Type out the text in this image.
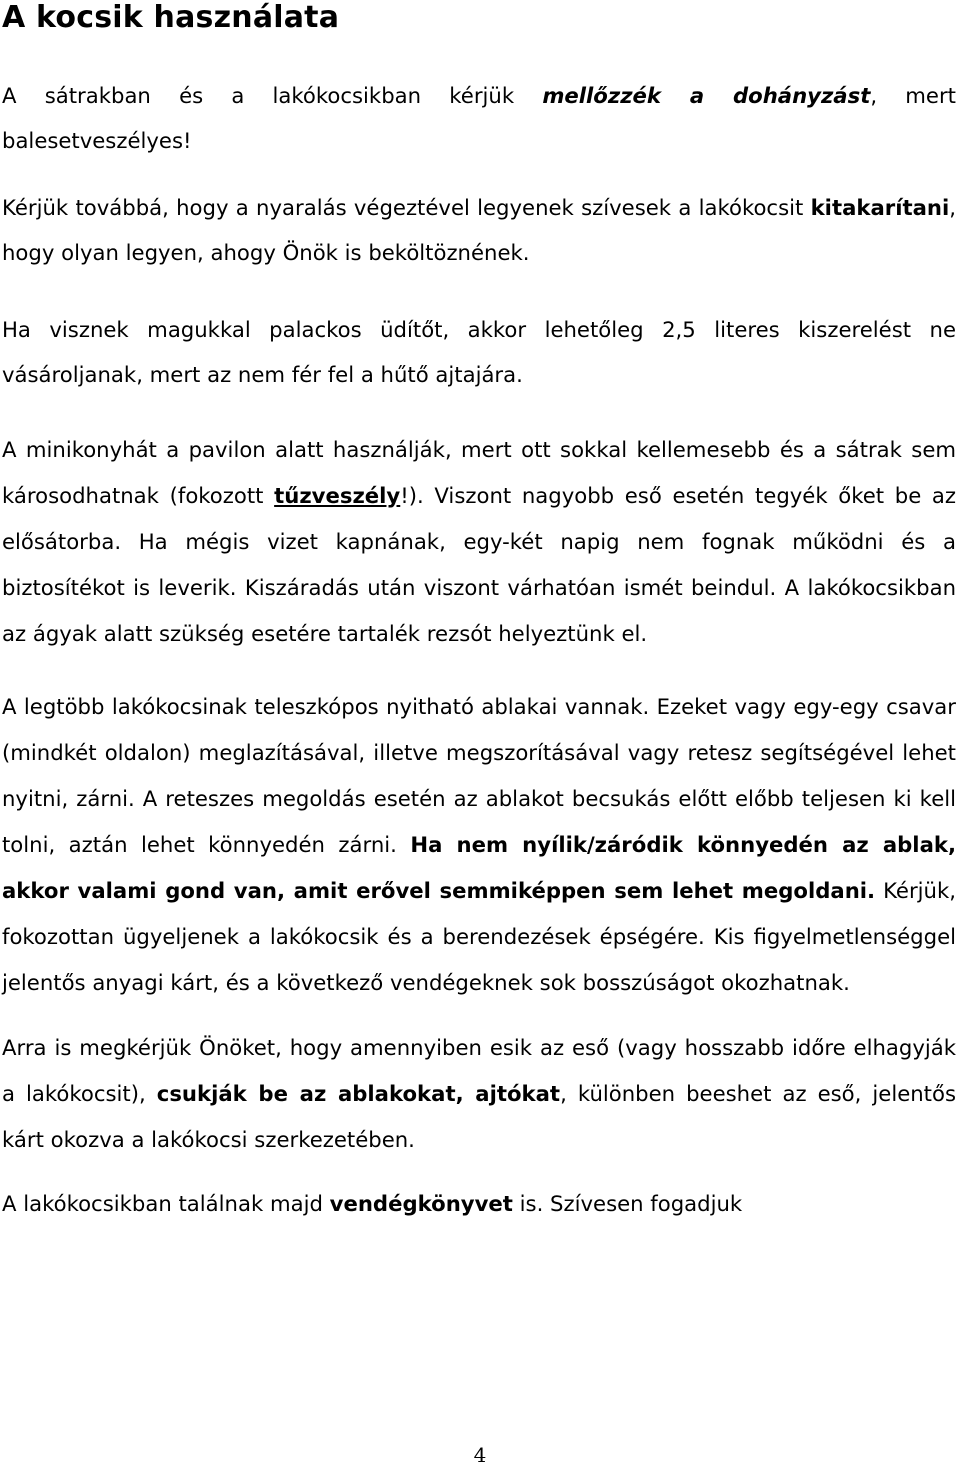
A kocsik használata

A sátrakban és a lakókocsikban kérjük mellőzzék a dohányzást, mert balesetveszélyes!

Kérjük továbbá, hogy a nyaralás végeztével legyenek szívesek a lakókocsit kitakarítani, hogy olyan legyen, ahogy Önök is beköltöznének.

Ha visznek magukkal palackos üdítőt, akkor lehetőleg 2,5 literes kiszerelést ne vásároljanak, mert az nem fér fel a hűtő ajtajára.

A minikonyhát a pavilon alatt használják, mert ott sokkal kellemesebb és a sátrak sem károsodhatnak (fokozott tűzveszély!). Viszont nagyobb eső esetén tegyék őket be az elősátorba. Ha mégis vizet kapnának, egy-két napig nem fognak működni és a biztosítékot is leverik. Kiszáradás után viszont várhatóan ismét beindul. A lakókocsikban az ágyak alatt szükség esetére tartalék rezsót helyeztünk el.

A legtöbb lakókocsinak teleszkópos nyitható ablakai vannak. Ezeket vagy egy-egy csavar (mindkét oldalon) meglazításával, illetve megszorításával vagy retesz segítségével lehet nyitni, zárni. A reteszes megoldás esetén az ablakot becsukás előtt előbb teljesen ki kell tolni, aztán lehet könnyedén zárni. Ha nem nyílik/záródik könnyedén az ablak, akkor valami gond van, amit erővel semmiképpen sem lehet megoldani. Kérjük, fokozottan ügyeljenek a lakókocsik és a berendezések épségére. Kis figyelmetlenséggel jelentős anyagi kárt, és a következő vendégeknek sok bosszúságot okozhatnak.

Arra is megkérjük Önöket, hogy amennyiben esik az eső (vagy hosszabb időre elhagyják a lakókocsit), csukják be az ablakokat, ajtókat, különben beeshet az eső, jelentős kárt okozva a lakókocsi szerkezetében.

A lakókocsikban találnak majd vendégkönyvet is. Szívesen fogadjuk

4
